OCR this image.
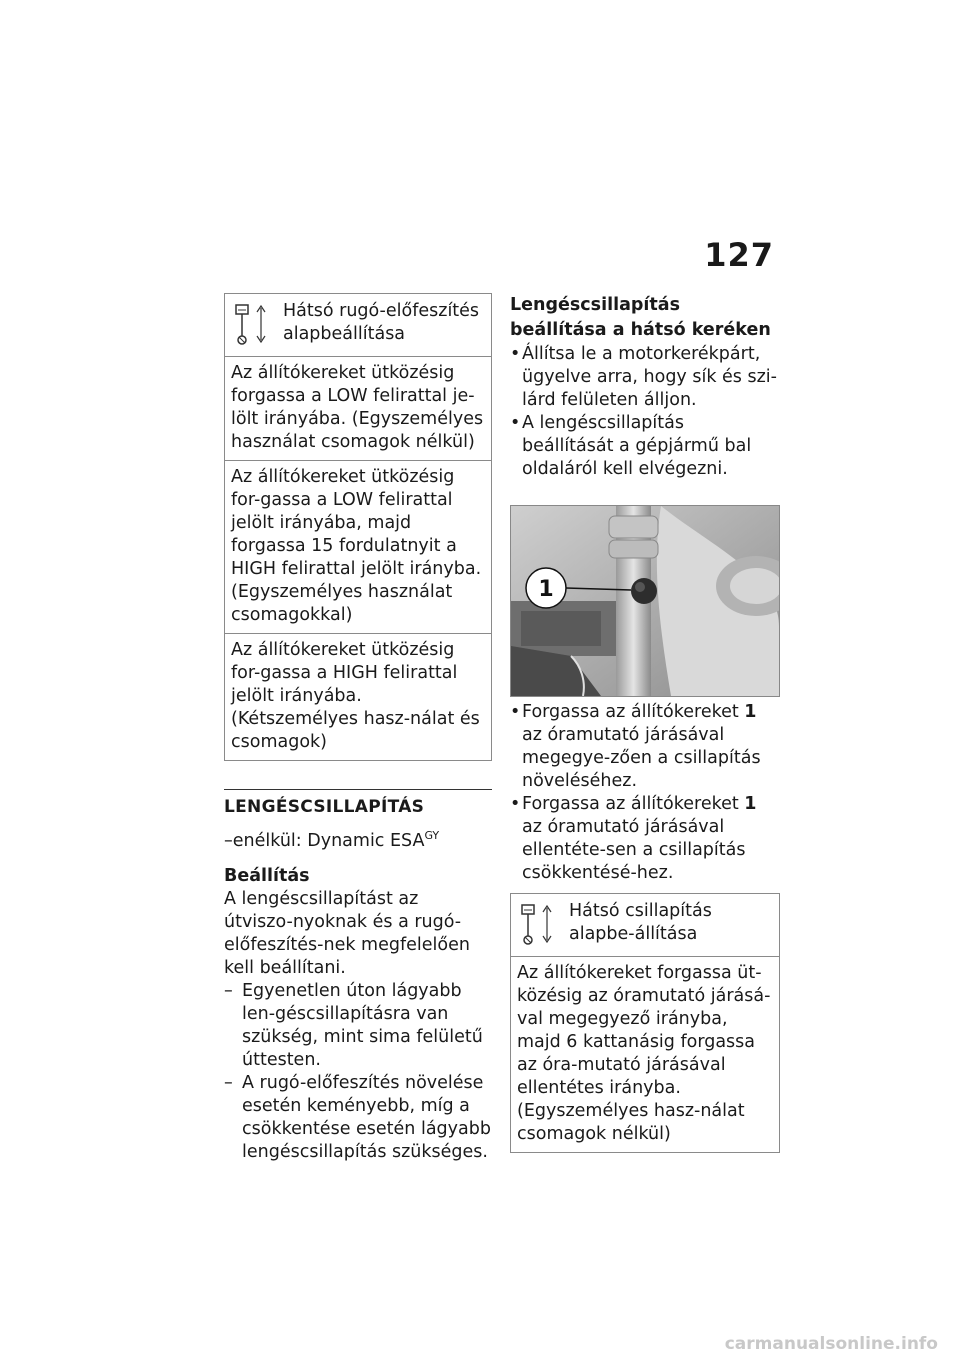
127
Hátsó rugó-előfeszítés alapbeállítása
Az állítókereket ütközésig forgassa a LOW felirattal je-lölt irányába. (Egyszemélyes használat csomagok nélkül)
Az állítókereket ütközésig for-gassa a LOW felirattal jelölt irányába, majd forgassa 15 fordulatnyit a HIGH felirattal jelölt irányba. (Egyszemélyes használat csomagokkal)
Az állítókereket ütközésig for-gassa a HIGH felirattal jelölt irányába. (Kétszemélyes hasz-nálat és csomagok)
LENGÉSCSILLAPÍTÁS
–enélkül: Dynamic $ESA^{GY}$
Beállítás
A lengéscsillapítást az útviszo-nyoknak és a rugó-előfeszítés-nek megfelelően kell beállítani.
– Egyenetlen úton lágyabb len-géscsillapításra van szükség, mint sima felületű úttesten.
– A rugó-előfeszítés növelése esetén keményebb, míg a csökkentése esetén lágyabb lengéscsillapítás szükséges.
Lengéscsillapítás beállítása a hátsó keréken
• Állítsa le a motorkerékpárt, ügyelve arra, hogy sík és szi-lárd felületen álljon.
• A lengéscsillapítás beállítását a gépjármű bal oldaláról kell elvégezni.
1
• Forgassa az állítókereket 1 az óramutató járásával megegye-zően a csillapítás növeléséhez.
• Forgassa az állítókereket 1 az óramutató járásával ellentéte-sen a csillapítás csökkentésé-hez.
Hátsó csillapítás alapbe-állítása
Az állítókereket forgassa üt-közésig az óramutató járásá-val megegyező irányba, majd 6 kattanásig forgassa az óra-mutató járásával ellentétes irányba. (Egyszemélyes hasz-nálat csomagok nélkül)
carmanualsonline.info
